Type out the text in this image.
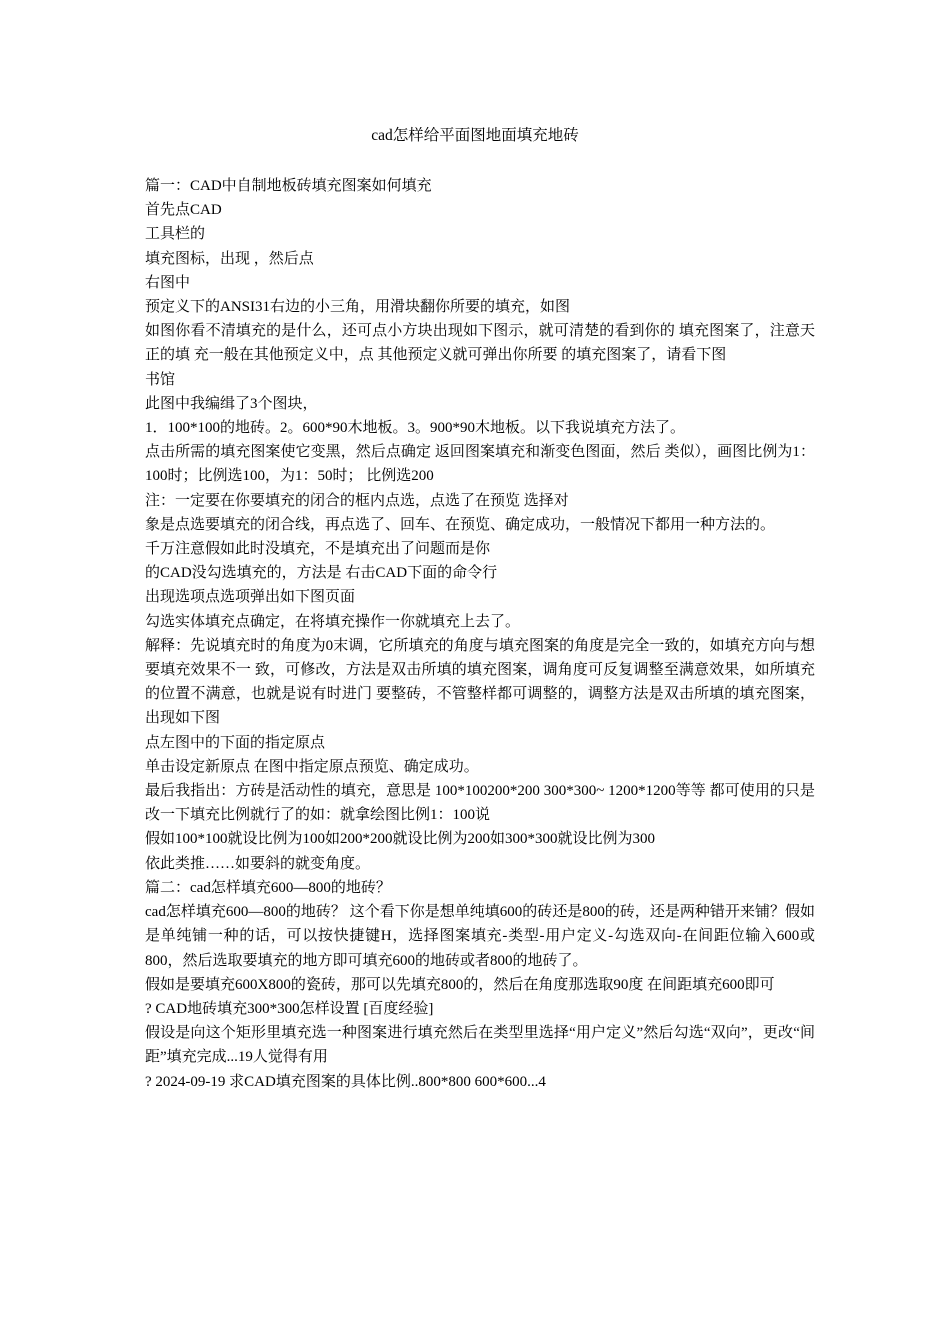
cad怎样给平面图地面填充地砖
篇一：CAD中自制地板砖填充图案如何填充
首先点CAD
工具栏的
填充图标，出现 ，然后点
右图中
预定义下的ANSI31右边的小三角，用滑块翻你所要的填充，如图
如图你看不清填充的是什么，还可点小方块出现如下图示，就可清楚的看到你的 填充图案了，注意天正的填 充一般在其他预定义中，点 其他预定义就可弹出你所要 的填充图案了，请看下图
书馆
此图中我编缉了3个图块，
1．100*100的地砖。2。600*90木地板。3。900*90木地板。以下我说填充方法了。
点击所需的填充图案使它变黑，然后点确定 返回图案填充和渐变色图面，然后 类似），画图比例为1：100时；比例选100，为1：50时； 比例选200
注：一定要在你要填充的闭合的框内点选，点选了在预览 选择对
象是点选要填充的闭合线，再点选了、回车、在预览、确定成功，一般情况下都用一种方法的。
千万注意假如此时没填充，不是填充出了问题而是你
的CAD没勾选填充的，方法是 右击CAD下面的命令行
出现选项点选项弹出如下图页面
勾选实体填充点确定，在将填充操作一你就填充上去了。
解释：先说填充时的角度为0末调，它所填充的角度与填充图案的角度是完全一致的，如填充方向与想要填充效果不一 致，可修改，方法是双击所填的填充图案，调角度可反复调整至满意效果，如所填充的位置不满意，也就是说有时进门 要整砖，不管整样都可调整的，调整方法是双击所填的填充图案，出现如下图
点左图中的下面的指定原点
单击设定新原点 在图中指定原点预览、确定成功。
最后我指出：方砖是活动性的填充，意思是 100*100200*200 300*300~ 1200*1200等等 都可使用的只是改一下填充比例就行了的如：就拿绘图比例1：100说
假如100*100就设比例为100如200*200就设比例为200如300*300就设比例为300
依此类推……如要斜的就变角度。
篇二：cad怎样填充600—800的地砖？
cad怎样填充600—800的地砖？ 这个看下你是想单纯填600的砖还是800的砖，还是两种错开来铺？假如是单纯铺一种的话，可以按快捷键H，选择图案填充-类型-用户定义-勾选双向-在间距位输入600或800，然后选取要填充的地方即可填充600的地砖或者800的地砖了。
假如是要填充600X800的瓷砖，那可以先填充800的，然后在角度那选取90度 在间距填充600即可
? CAD地砖填充300*300怎样设置 [百度经验]
假设是向这个矩形里填充选一种图案进行填充然后在类型里选择“用户定义”然后勾选“双向”，更改“间距”填充完成...19人觉得有用
? 2024-09-19 求CAD填充图案的具体比例..800*800 600*600...4
